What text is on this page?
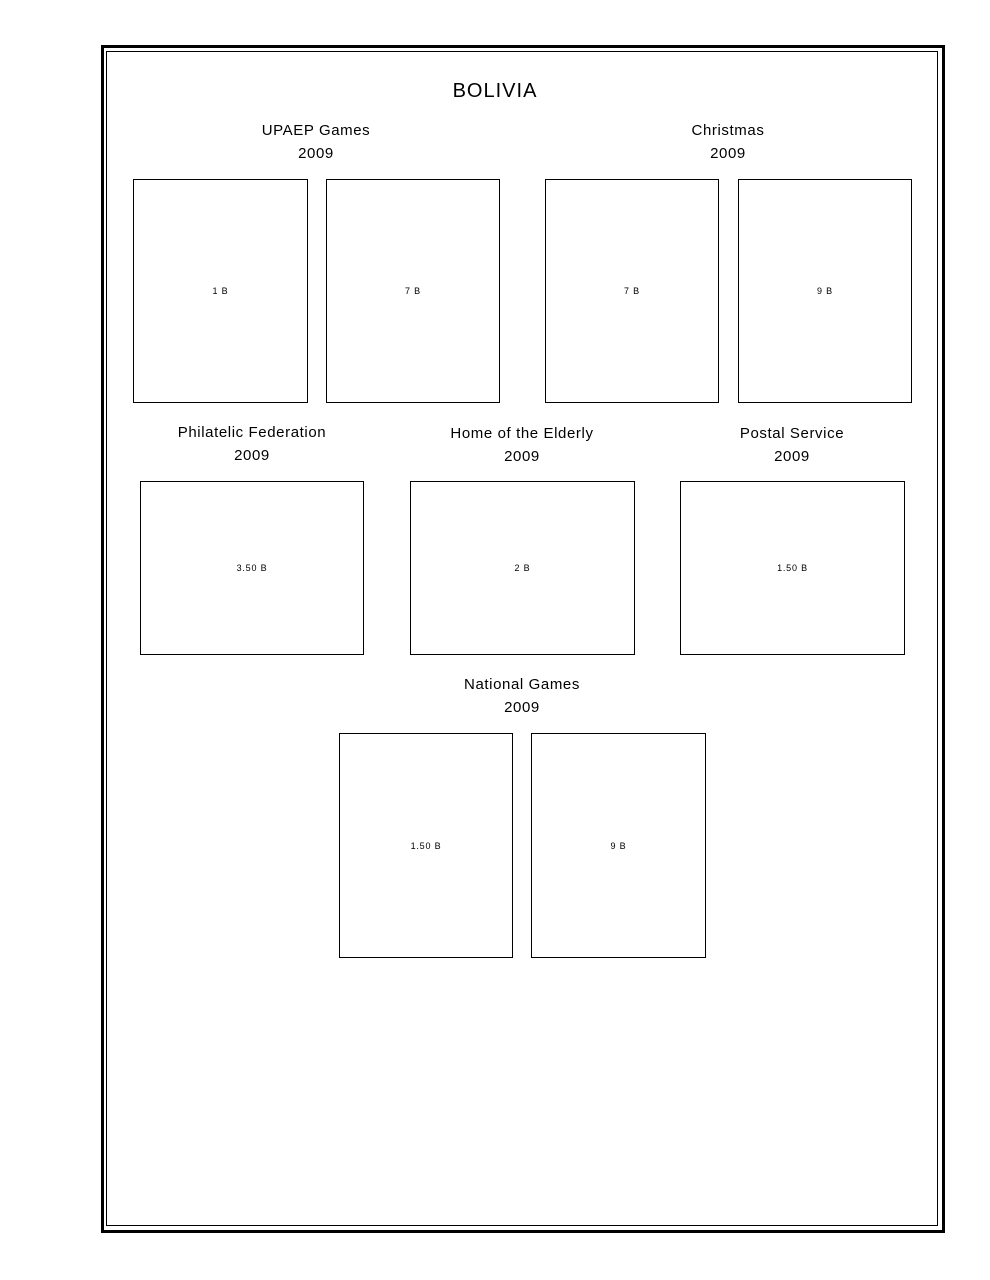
BOLIVIA
UPAEP Games
2009
1 B	7 B
Christmas
2009
7 B	9 B
Philatelic Federation
2009
3.50 B
Home of the Elderly
2009
2 B
Postal Service
2009
1.50 B
National Games
2009
1.50 B	9 B
